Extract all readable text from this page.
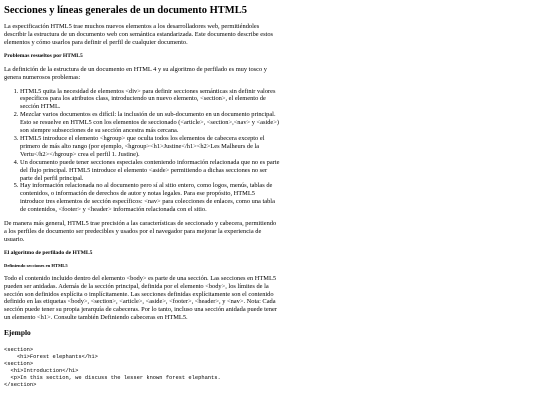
Secciones y líneas generales de un documento HTML5

La especificación HTML5 trae muchos nuevos elementos a los desarrolladores web, permitiéndoles describir la estructura de un documento web con semántica estandarizada. Este documento describe estos elementos y cómo usarlos para definir el perfil de cualquier documento.

Problemas resueltos por HTML5

La definición de la estructura de un documento en HTML 4 y su algoritmo de perfilado es muy tosco y genera numerosos problemas:

1. HTML5 quita la necesidad de elementos <div> para definir secciones semánticas sin definir valores específicos para los atributos class, introduciendo un nuevo elemento, <section>, el elemento de sección HTML.
2. Mezclar varios documentos es difícil: la inclusión de un sub-documento en un documento principal. Esto se resuelve en HTML5 con los elementos de seccionado (<article>, <section>,<nav> y <aside>) son siempre subsecciones de su sección ancestra más cercana.
3. HTML5 introduce el elemento <hgroup> que oculta todos los elementos de cabecera excepto el primero de más alto rango (por ejemplo, <hgroup><h1>Justine</h1><h2>Les Malheurs de la Vertu</h2></hgroup> crea el perfil 1. Justine).
4. Un documento puede tener secciones especiales conteniendo información relacionada que no es parte del flujo principal. HTML5 introduce el elemento <aside> permitiendo a dichas secciones no ser parte del perfil principal.
5. Hay información relacionada no al documento pero sí al sitio entero, como logos, menús, tablas de contenidos, o información de derechos de autor y notas legales. Para ese propósito, HTML5 introduce tres elementos de sección específicos: <nav> para colecciones de enlaces, como una tabla de contenidos, <footer> y <header> información relacionada con el sitio.

De manera más general, HTML5 trae precisión a las características de seccionado y cabecera, permitiendo a los perfiles de documento ser predecibles y usados por el navegador para mejorar la experiencia de usuario.

El algoritmo de perfilado de HTML5
Definiendo secciones en HTML5

Todo el contenido incluido dentro del elemento <body> es parte de una sección. Las secciones en HTML5 pueden ser anidadas. Además de la sección principal, definida por el elemento <body>, los límites de la sección son definidos explícita o implícitamente. Las secciones definidas explícitamente son el contenido definido en las etiquetas <body>, <section>, <article>, <aside>, <footer>, <header>, y <nav>. Nota: Cada sección puede tener su propia jerarquía de cabeceras. Por lo tanto, incluso una sección anidada puede tener un elemento <h1>. Consulte también Definiendo cabeceras en HTML5.

Ejemplo
<section>
<h1>Forest elephants</h1>
<section>
<h1>Introduction</h1>
<p>In this section, we discuss the lesser known forest elephants.
</section>
